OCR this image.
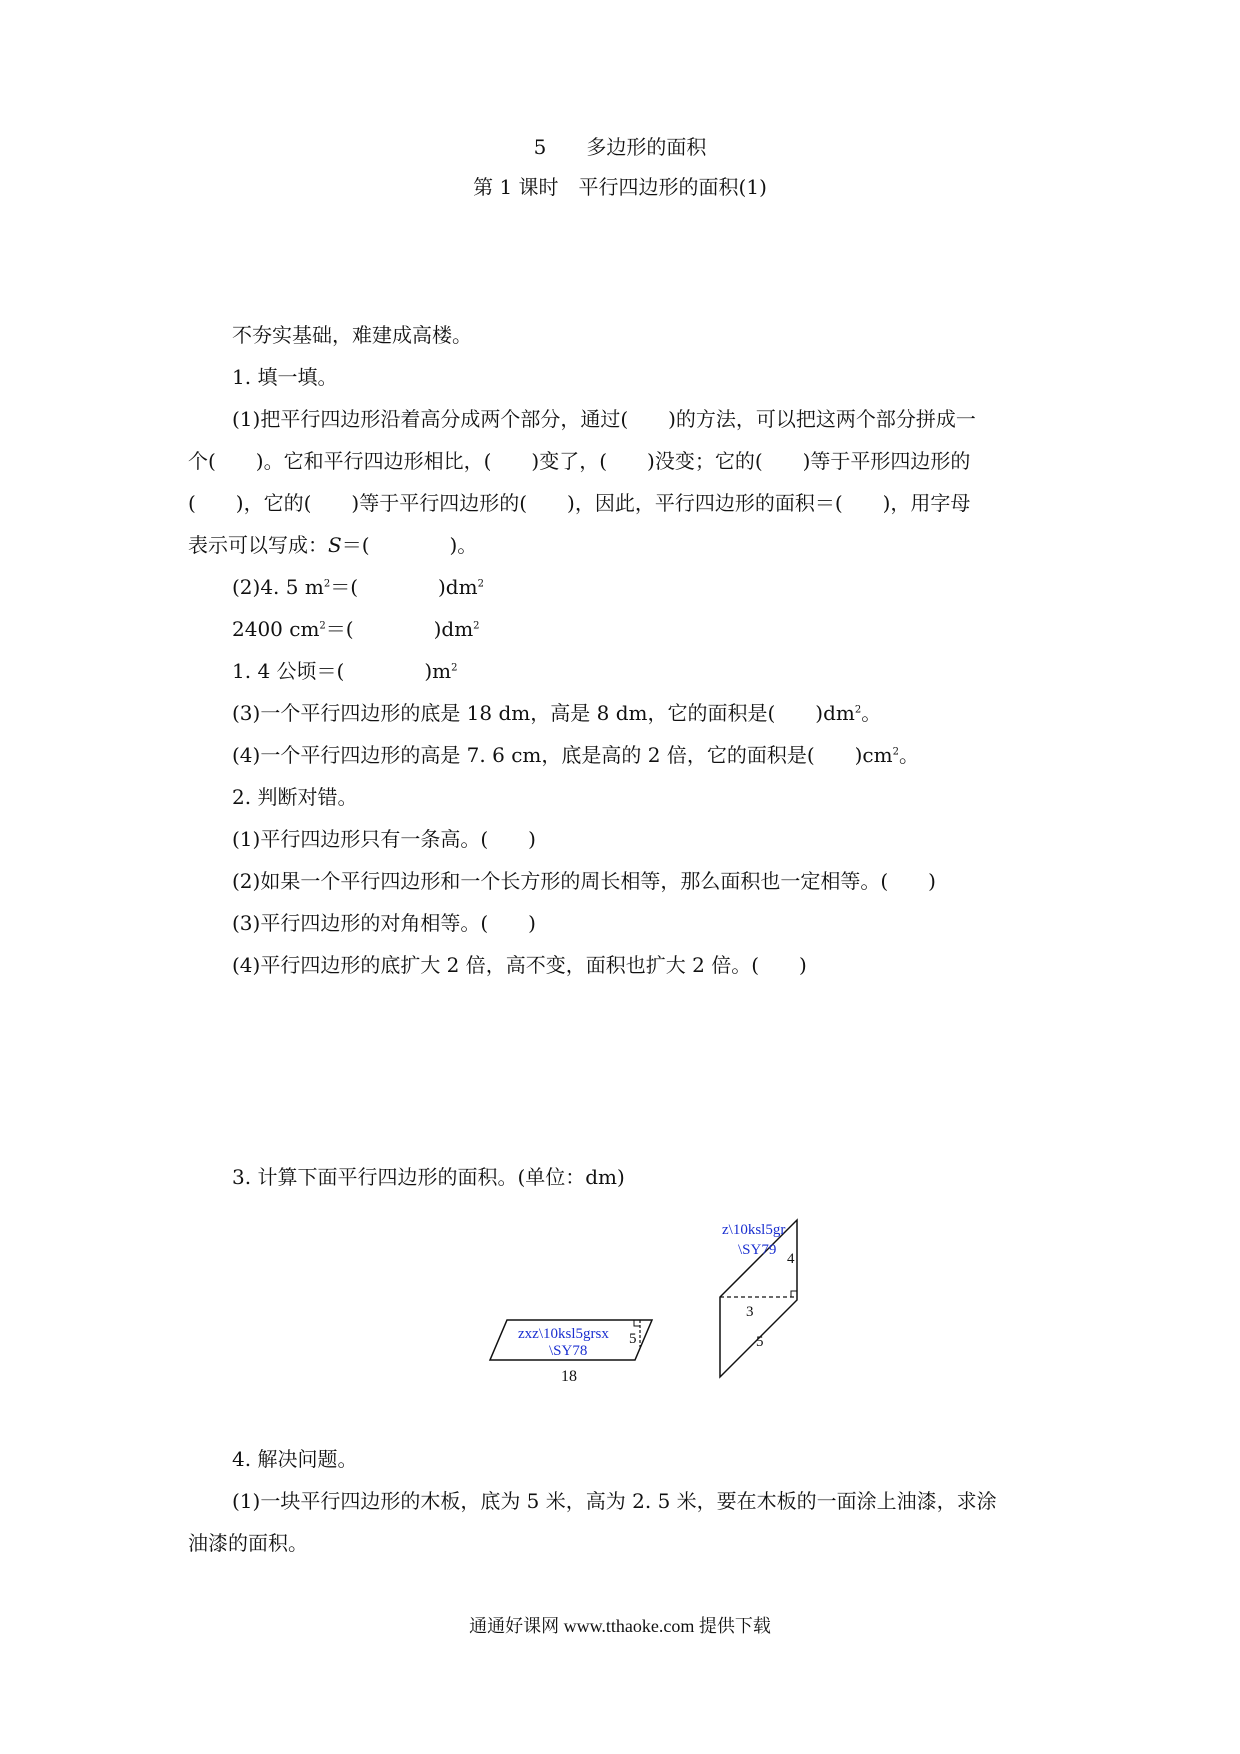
5　　多边形的面积
第 1 课时　平行四边形的面积(1)
不夯实基础，难建成高楼。
1. 填一填。
(1)把平行四边形沿着高分成两个部分，通过(　　)的方法，可以把这两个部分拼成一
个(　　)。它和平行四边形相比，(　　)变了，(　　)没变；它的(　　)等于平形四边形的
(　　)，它的(　　)等于平行四边形的(　　)，因此，平行四边形的面积＝(　　)，用字母
表示可以写成：S＝(　　　　)。
(2)4. 5 $m^2=$(　　　　)$dm^2$
2400 $cm^2=$(　　　　)$dm^2$
1. 4 公顷＝(　　　　)$m^2$
(3)一个平行四边形的底是 18 dm，高是 8 dm，它的面积是(　　)$dm^2$。
(4)一个平行四边形的高是 7. 6 cm，底是高的 2 倍，它的面积是(　　)$cm^2$。
2. 判断对错。
(1)平行四边形只有一条高。(　　)
(2)如果一个平行四边形和一个长方形的周长相等，那么面积也一定相等。(　　)
(3)平行四边形的对角相等。(　　)
(4)平行四边形的底扩大 2 倍，高不变，面积也扩大 2 倍。(　　)
3. 计算下面平行四边形的面积。(单位：dm)
zxz\10ksl5grsx
\SY78
5
18
z\10ksl5gr
\SY79
4
3
5
4. 解决问题。
(1)一块平行四边形的木板，底为 5 米，高为 2. 5 米，要在木板的一面涂上油漆，求涂
油漆的面积。
通通好课网 www.tthaoke.com 提供下载
